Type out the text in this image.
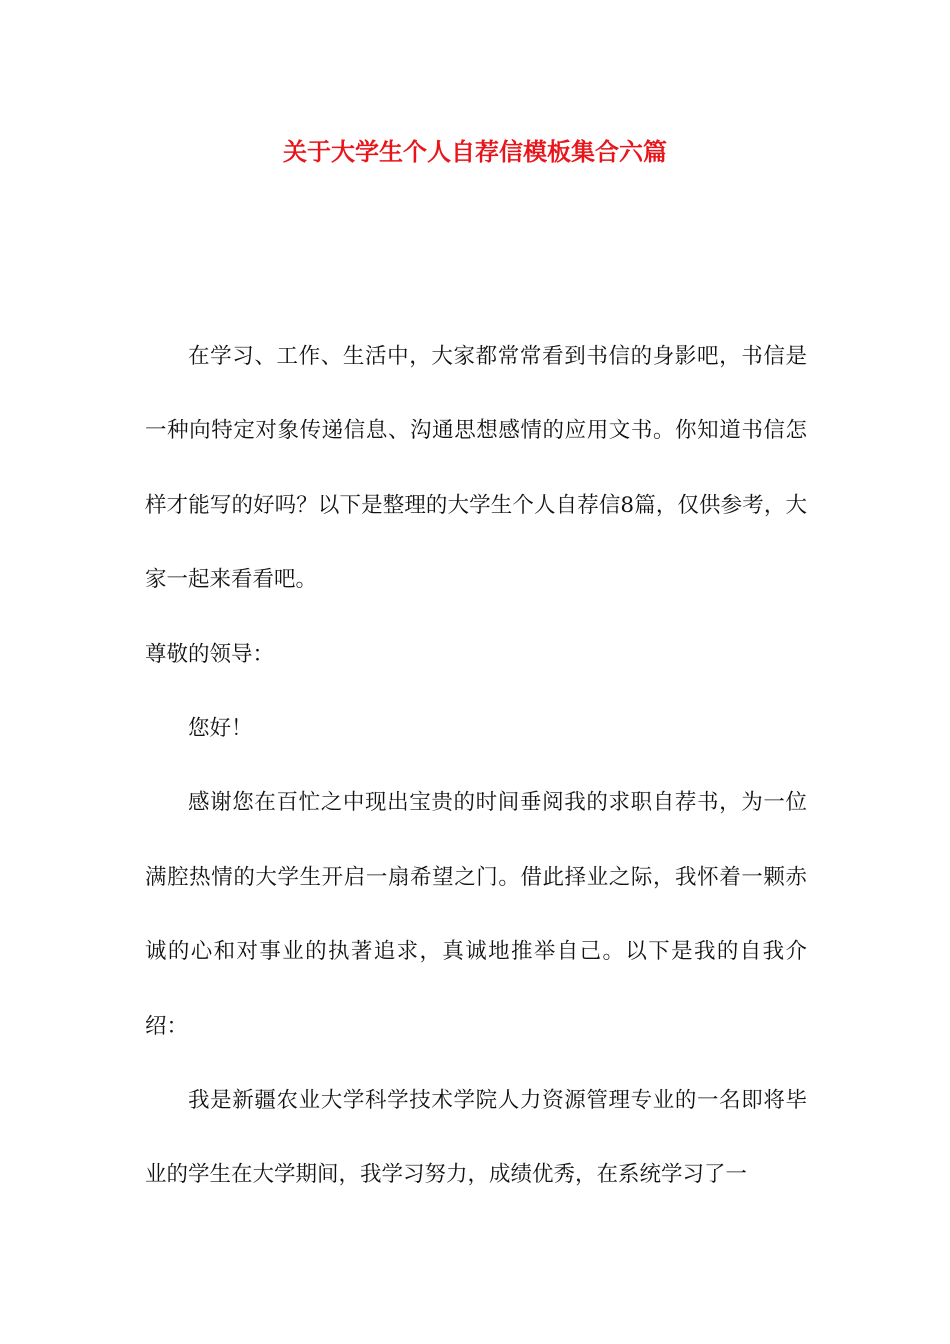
关于大学生个人自荐信模板集合六篇

在学习、工作、生活中，大家都常常看到书信的身影吧，书信是一种向特定对象传递信息、沟通思想感情的应用文书。你知道书信怎样才能写的好吗？以下是整理的大学生个人自荐信8篇，仅供参考，大家一起来看看吧。

尊敬的领导：

您好！

感谢您在百忙之中现出宝贵的时间垂阅我的求职自荐书，为一位满腔热情的大学生开启一扇希望之门。借此择业之际，我怀着一颗赤诚的心和对事业的执著追求，真诚地推举自己。以下是我的自我介绍：

我是新疆农业大学科学技术学院人力资源管理专业的一名即将毕业的学生在大学期间，我学习努力，成绩优秀，在系统学习了一
